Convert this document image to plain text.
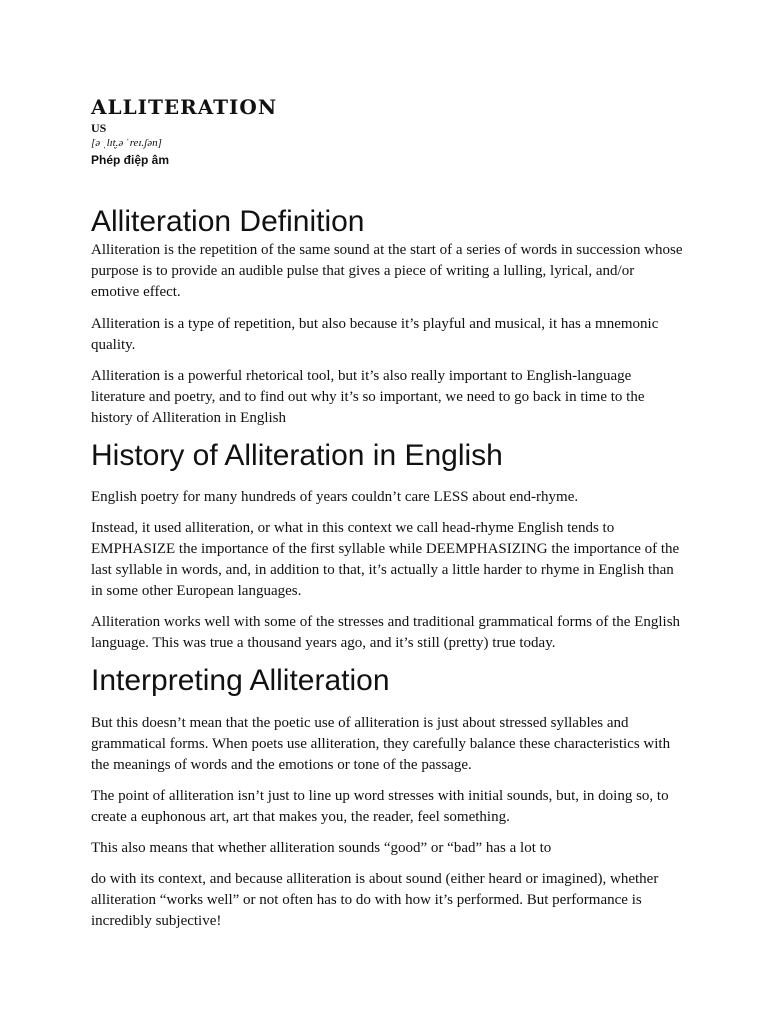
ALLITERATION
US
[ə ˌlɪt̬.ə ˈreɪ.ʃən]
Phép điệp âm
Alliteration Definition

Alliteration is the repetition of the same sound at the start of a series of words in succession whose purpose is to provide an audible pulse that gives a piece of writing a lulling, lyrical, and/or emotive effect.

Alliteration is a type of repetition, but also because it’s playful and musical, it has a mnemonic quality.

Alliteration is a powerful rhetorical tool, but it’s also really important to English-language literature and poetry, and to find out why it’s so important, we need to go back in time to the history of Alliteration in English

History of Alliteration in English

English poetry for many hundreds of years couldn’t care LESS about end-rhyme.

Instead, it used alliteration, or what in this context we call head-rhyme English tends to EMPHASIZE the importance of the first syllable while DEEMPHASIZING the importance of the last syllable in words, and, in addition to that, it’s actually a little harder to rhyme in English than in some other European languages.

Alliteration works well with some of the stresses and traditional grammatical forms of the English language. This was true a thousand years ago, and it’s still (pretty) true today.

Interpreting Alliteration

But this doesn’t mean that the poetic use of alliteration is just about stressed syllables and grammatical forms. When poets use alliteration, they carefully balance these characteristics with the meanings of words and the emotions or tone of the passage.

The point of alliteration isn’t just to line up word stresses with initial sounds, but, in doing so, to create a euphonous art, art that makes you, the reader, feel something.

This also means that whether alliteration sounds “good” or “bad” has a lot to

do with its context, and because alliteration is about sound (either heard or imagined), whether alliteration “works well” or not often has to do with how it’s performed. But performance is incredibly subjective!
